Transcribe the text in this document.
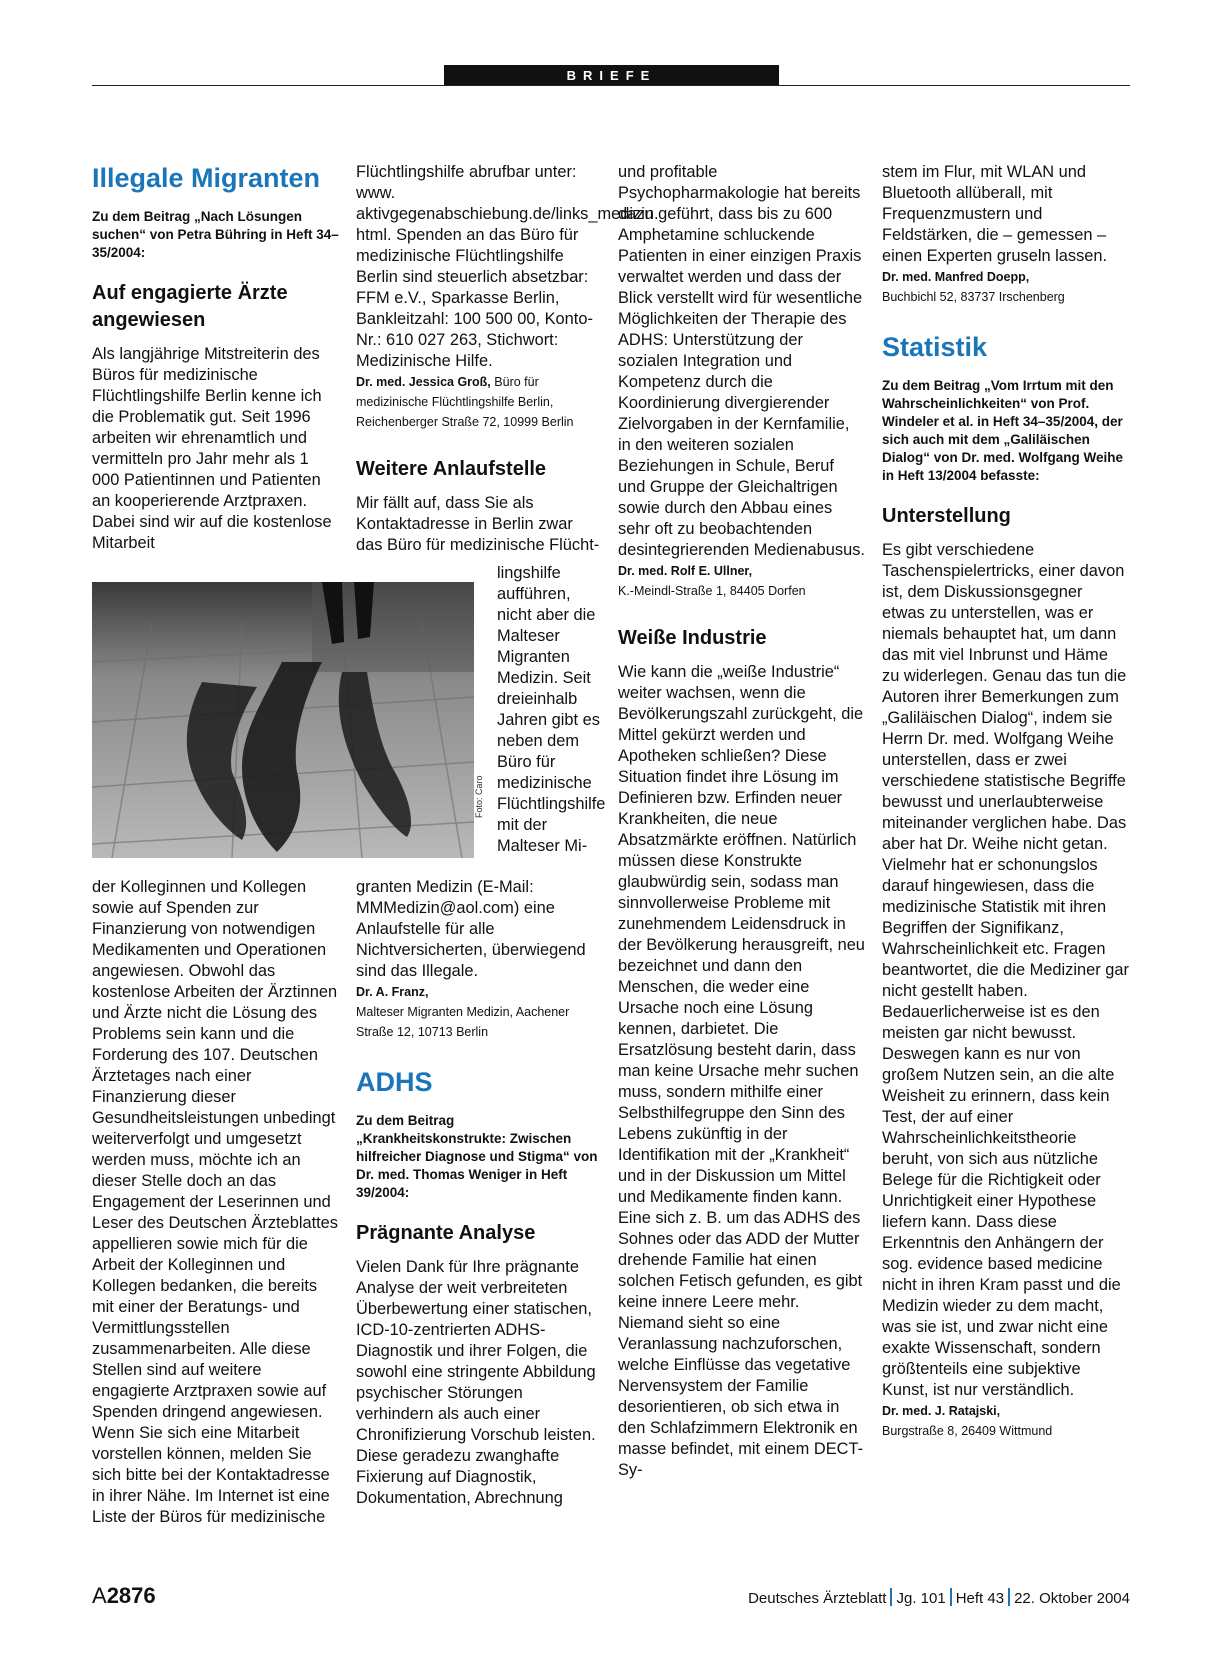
BRIEFE
Illegale Migranten

Zu dem Beitrag „Nach Lösungen suchen“ von Petra Bühring in Heft 34–35/2004:

Auf engagierte Ärzte angewiesen

Als langjährige Mitstreiterin des Büros für medizinische Flüchtlingshilfe Berlin kenne ich die Problematik gut. Seit 1996 arbeiten wir ehrenamtlich und vermitteln pro Jahr mehr als 1 000 Patientinnen und Patienten an kooperierende Arztpraxen. Dabei sind wir auf die kostenlose Mitarbeit

Foto: Caro

der Kolleginnen und Kollegen sowie auf Spenden zur Finanzierung von notwendigen Medikamenten und Operationen angewiesen. Obwohl das kostenlose Arbeiten der Ärztinnen und Ärzte nicht die Lösung des Problems sein kann und die Forderung des 107. Deutschen Ärztetages nach einer Finanzierung dieser Gesundheitsleistungen unbedingt weiterverfolgt und umgesetzt werden muss, möchte ich an dieser Stelle doch an das Engagement der Leserinnen und Leser des Deutschen Ärzteblattes appellieren sowie mich für die Arbeit der Kolleginnen und Kollegen bedanken, die bereits mit einer der Beratungs- und Vermittlungsstellen zusammenarbeiten. Alle diese Stellen sind auf weitere engagierte Arztpraxen sowie auf Spenden dringend angewiesen. Wenn Sie sich eine Mitarbeit vorstellen können, melden Sie sich bitte bei der Kontaktadresse in ihrer Nähe. Im Internet ist eine Liste der Büros für medizinische

Flüchtlingshilfe abrufbar unter: www. aktivgegenabschiebung.de/links_medizin. html. Spenden an das Büro für medizinische Flüchtlingshilfe Berlin sind steuerlich absetzbar: FFM e.V., Sparkasse Berlin, Bankleitzahl: 100 500 00, Konto-Nr.: 610 027 263, Stichwort: Medizinische Hilfe.

Dr. med. Jessica Groß, Büro für medizinische Flüchtlingshilfe Berlin, Reichenberger Straße 72, 10999 Berlin

Weitere Anlaufstelle

Mir fällt auf, dass Sie als Kontaktadresse in Berlin zwar das Büro für medizinische Flücht-

lingshilfe aufführen, nicht aber die Malteser Migranten Medizin. Seit dreieinhalb Jahren gibt es neben dem Büro für medizinische Flüchtlingshilfe mit der Malteser Mi-

granten Medizin (E-Mail: MMMedizin@aol.com) eine Anlaufstelle für alle Nichtversicherten, überwiegend sind das Illegale.

Dr. A. Franz,
Malteser Migranten Medizin, Aachener Straße 12, 10713 Berlin

ADHS

Zu dem Beitrag „Krankheitskonstrukte: Zwischen hilfreicher Diagnose und Stigma“ von Dr. med. Thomas Weniger in Heft 39/2004:

Prägnante Analyse

Vielen Dank für Ihre prägnante Analyse der weit verbreiteten Überbewertung einer statischen, ICD-10-zentrierten ADHS-Diagnostik und ihrer Folgen, die sowohl eine stringente Abbildung psychischer Störungen verhindern als auch einer Chronifizierung Vorschub leisten. Diese geradezu zwanghafte Fixierung auf Diagnostik, Dokumentation, Abrechnung

und profitable Psychopharmakologie hat bereits dazu geführt, dass bis zu 600 Amphetamine schluckende Patienten in einer einzigen Praxis verwaltet werden und dass der Blick verstellt wird für wesentliche Möglichkeiten der Therapie des ADHS: Unterstützung der sozialen Integration und Kompetenz durch die Koordinierung divergierender Zielvorgaben in der Kernfamilie, in den weiteren sozialen Beziehungen in Schule, Beruf und Gruppe der Gleichaltrigen sowie durch den Abbau eines sehr oft zu beobachtenden desintegrierenden Medienabusus.

Dr. med. Rolf E. Ullner,
K.-Meindl-Straße 1, 84405 Dorfen

Weiße Industrie

Wie kann die „weiße Industrie“ weiter wachsen, wenn die Bevölkerungszahl zurückgeht, die Mittel gekürzt werden und Apotheken schließen? Diese Situation findet ihre Lösung im Definieren bzw. Erfinden neuer Krankheiten, die neue Absatzmärkte eröffnen. Natürlich müssen diese Konstrukte glaubwürdig sein, sodass man sinnvollerweise Probleme mit zunehmendem Leidensdruck in der Bevölkerung herausgreift, neu bezeichnet und dann den Menschen, die weder eine Ursache noch eine Lösung kennen, darbietet. Die Ersatzlösung besteht darin, dass man keine Ursache mehr suchen muss, sondern mithilfe einer Selbsthilfegruppe den Sinn des Lebens zukünftig in der Identifikation mit der „Krankheit“ und in der Diskussion um Mittel und Medikamente finden kann. Eine sich z. B. um das ADHS des Sohnes oder das ADD der Mutter drehende Familie hat einen solchen Fetisch gefunden, es gibt keine innere Leere mehr. Niemand sieht so eine Veranlassung nachzuforschen, welche Einflüsse das vegetative Nervensystem der Familie desorientieren, ob sich etwa in den Schlafzimmern Elektronik en masse befindet, mit einem DECT-Sy-

stem im Flur, mit WLAN und Bluetooth allüberall, mit Frequenzmustern und Feldstärken, die – gemessen – einen Experten gruseln lassen.

Dr. med. Manfred Doepp,
Buchbichl 52, 83737 Irschenberg

Statistik

Zu dem Beitrag „Vom Irrtum mit den Wahrscheinlichkeiten“ von Prof. Windeler et al. in Heft 34–35/2004, der sich auch mit dem „Galiläischen Dialog“ von Dr. med. Wolfgang Weihe in Heft 13/2004 befasste:

Unterstellung

Es gibt verschiedene Taschenspielertricks, einer davon ist, dem Diskussionsgegner etwas zu unterstellen, was er niemals behauptet hat, um dann das mit viel Inbrunst und Häme zu widerlegen. Genau das tun die Autoren ihrer Bemerkungen zum „Galiläischen Dialog“, indem sie Herrn Dr. med. Wolfgang Weihe unterstellen, dass er zwei verschiedene statistische Begriffe bewusst und unerlaubterweise miteinander verglichen habe. Das aber hat Dr. Weihe nicht getan. Vielmehr hat er schonungslos darauf hingewiesen, dass die medizinische Statistik mit ihren Begriffen der Signifikanz, Wahrscheinlichkeit etc. Fragen beantwortet, die die Mediziner gar nicht gestellt haben. Bedauerlicherweise ist es den meisten gar nicht bewusst. Deswegen kann es nur von großem Nutzen sein, an die alte Weisheit zu erinnern, dass kein Test, der auf einer Wahrscheinlichkeitstheorie beruht, von sich aus nützliche Belege für die Richtigkeit oder Unrichtigkeit einer Hypothese liefern kann. Dass diese Erkenntnis den Anhängern der sog. evidence based medicine nicht in ihren Kram passt und die Medizin wieder zu dem macht, was sie ist, und zwar nicht eine exakte Wissenschaft, sondern größtenteils eine subjektive Kunst, ist nur verständlich.

Dr. med. J. Ratajski,
Burgstraße 8, 26409 Wittmund

A2876	Deutsches Ärzteblatt Jg. 101 Heft 43 22. Oktober 2004
